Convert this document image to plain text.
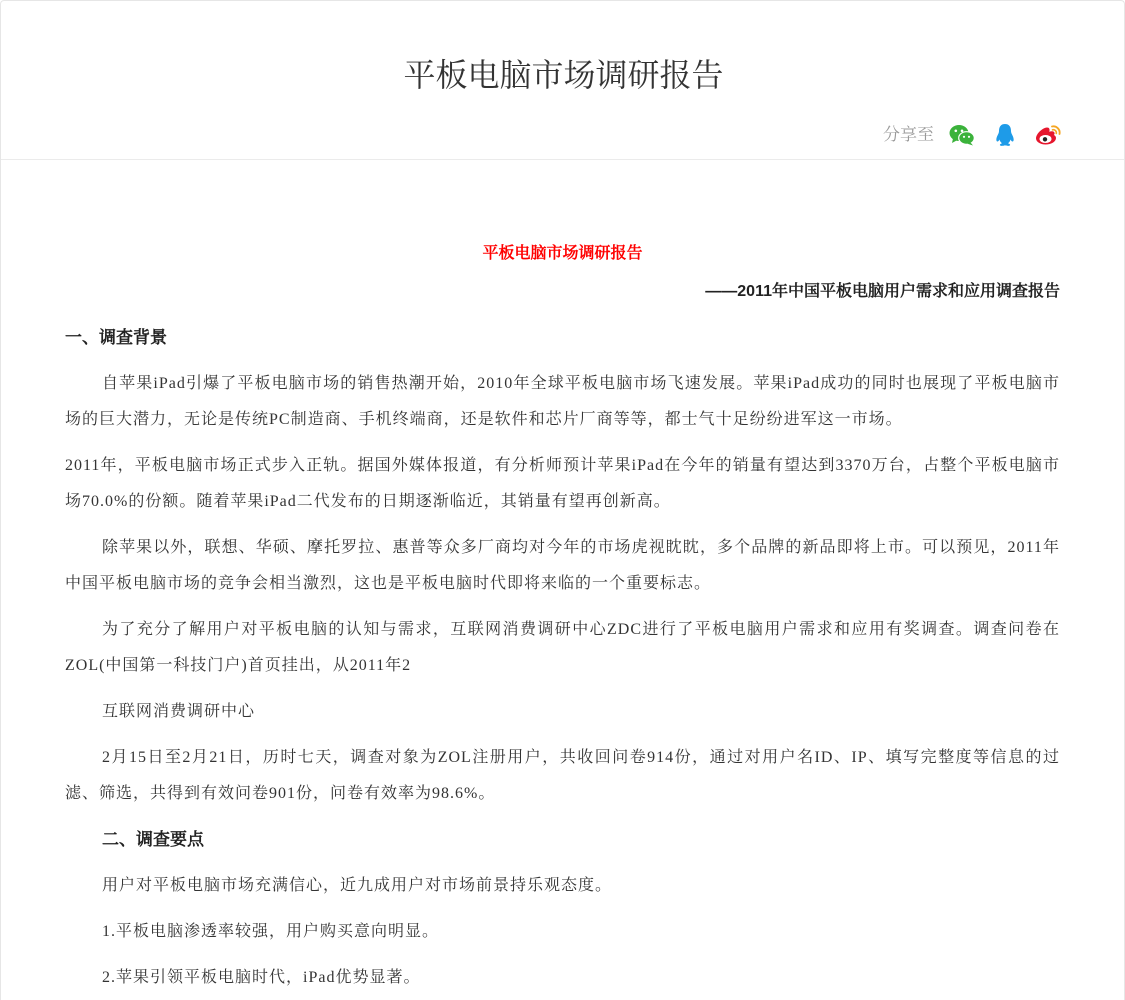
平板电脑市场调研报告
分享至

平板电脑市场调研报告

——2011年中国平板电脑用户需求和应用调查报告

一、调查背景

自苹果iPad引爆了平板电脑市场的销售热潮开始，2010年全球平板电脑市场飞速发展。苹果iPad成功的同时也展现了平板电脑市场的巨大潜力，无论是传统PC制造商、手机终端商，还是软件和芯片厂商等等，都士气十足纷纷进军这一市场。

2011年，平板电脑市场正式步入正轨。据国外媒体报道，有分析师预计苹果iPad在今年的销量有望达到3370万台，占整个平板电脑市场70.0%的份额。随着苹果iPad二代发布的日期逐渐临近，其销量有望再创新高。

除苹果以外，联想、华硕、摩托罗拉、惠普等众多厂商均对今年的市场虎视眈眈，多个品牌的新品即将上市。可以预见，2011年中国平板电脑市场的竞争会相当激烈，这也是平板电脑时代即将来临的一个重要标志。

为了充分了解用户对平板电脑的认知与需求，互联网消费调研中心ZDC进行了平板电脑用户需求和应用有奖调查。调查问卷在ZOL(中国第一科技门户)首页挂出，从2011年2

互联网消费调研中心

2月15日至2月21日，历时七天，调查对象为ZOL注册用户，共收回问卷914份，通过对用户名ID、IP、填写完整度等信息的过滤、筛选，共得到有效问卷901份，问卷有效率为98.6%。

二、调查要点

用户对平板电脑市场充满信心，近九成用户对市场前景持乐观态度。

1.平板电脑渗透率较强，用户购买意向明显。

2.苹果引领平板电脑时代，iPad优势显著。
